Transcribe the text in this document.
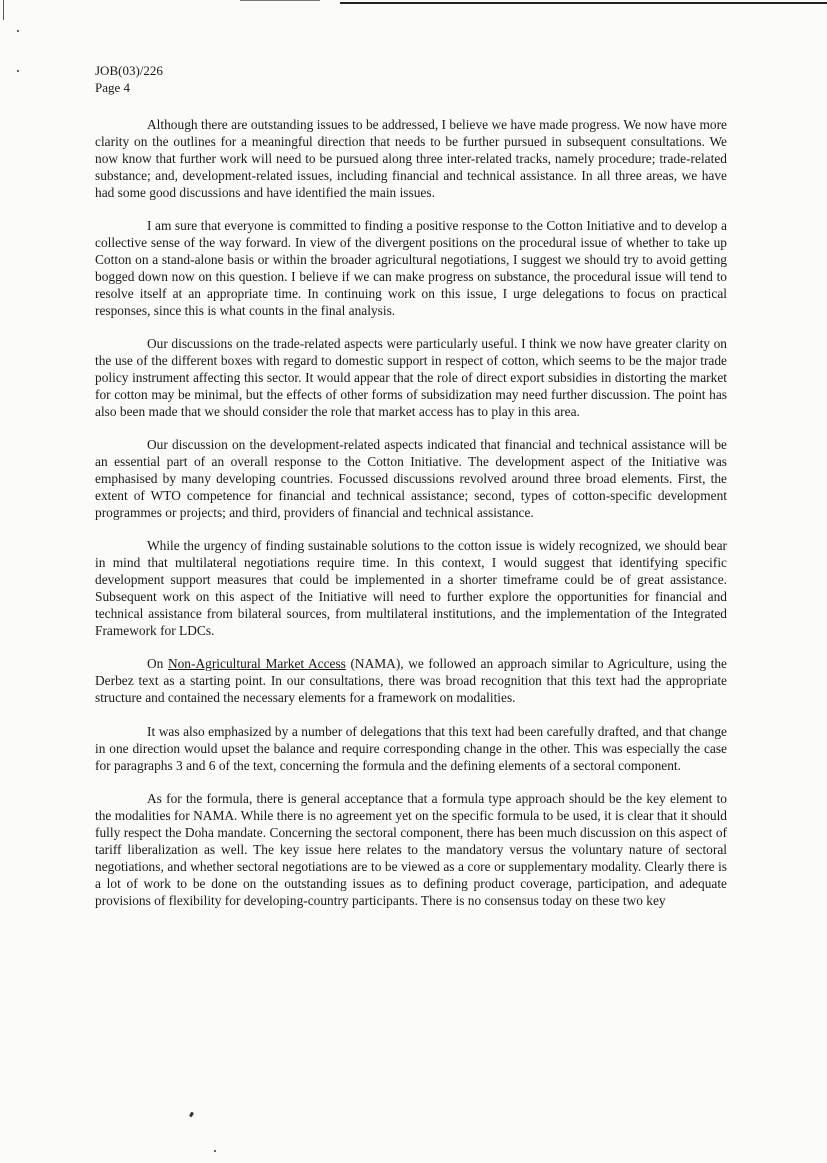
JOB(03)/226
Page 4

Although there are outstanding issues to be addressed, I believe we have made progress. We now have more clarity on the outlines for a meaningful direction that needs to be further pursued in subsequent consultations. We now know that further work will need to be pursued along three inter-related tracks, namely procedure; trade-related substance; and, development-related issues, including financial and technical assistance. In all three areas, we have had some good discussions and have identified the main issues.

I am sure that everyone is committed to finding a positive response to the Cotton Initiative and to develop a collective sense of the way forward. In view of the divergent positions on the procedural issue of whether to take up Cotton on a stand-alone basis or within the broader agricultural negotiations, I suggest we should try to avoid getting bogged down now on this question. I believe if we can make progress on substance, the procedural issue will tend to resolve itself at an appropriate time. In continuing work on this issue, I urge delegations to focus on practical responses, since this is what counts in the final analysis.

Our discussions on the trade-related aspects were particularly useful. I think we now have greater clarity on the use of the different boxes with regard to domestic support in respect of cotton, which seems to be the major trade policy instrument affecting this sector. It would appear that the role of direct export subsidies in distorting the market for cotton may be minimal, but the effects of other forms of subsidization may need further discussion. The point has also been made that we should consider the role that market access has to play in this area.

Our discussion on the development-related aspects indicated that financial and technical assistance will be an essential part of an overall response to the Cotton Initiative. The development aspect of the Initiative was emphasised by many developing countries. Focussed discussions revolved around three broad elements. First, the extent of WTO competence for financial and technical assistance; second, types of cotton-specific development programmes or projects; and third, providers of financial and technical assistance.

While the urgency of finding sustainable solutions to the cotton issue is widely recognized, we should bear in mind that multilateral negotiations require time. In this context, I would suggest that identifying specific development support measures that could be implemented in a shorter timeframe could be of great assistance. Subsequent work on this aspect of the Initiative will need to further explore the opportunities for financial and technical assistance from bilateral sources, from multilateral institutions, and the implementation of the Integrated Framework for LDCs.

On Non-Agricultural Market Access (NAMA), we followed an approach similar to Agriculture, using the Derbez text as a starting point. In our consultations, there was broad recognition that this text had the appropriate structure and contained the necessary elements for a framework on modalities.

It was also emphasized by a number of delegations that this text had been carefully drafted, and that change in one direction would upset the balance and require corresponding change in the other. This was especially the case for paragraphs 3 and 6 of the text, concerning the formula and the defining elements of a sectoral component.

As for the formula, there is general acceptance that a formula type approach should be the key element to the modalities for NAMA. While there is no agreement yet on the specific formula to be used, it is clear that it should fully respect the Doha mandate. Concerning the sectoral component, there has been much discussion on this aspect of tariff liberalization as well. The key issue here relates to the mandatory versus the voluntary nature of sectoral negotiations, and whether sectoral negotiations are to be viewed as a core or supplementary modality. Clearly there is a lot of work to be done on the outstanding issues as to defining product coverage, participation, and adequate provisions of flexibility for developing-country participants. There is no consensus today on these two key
